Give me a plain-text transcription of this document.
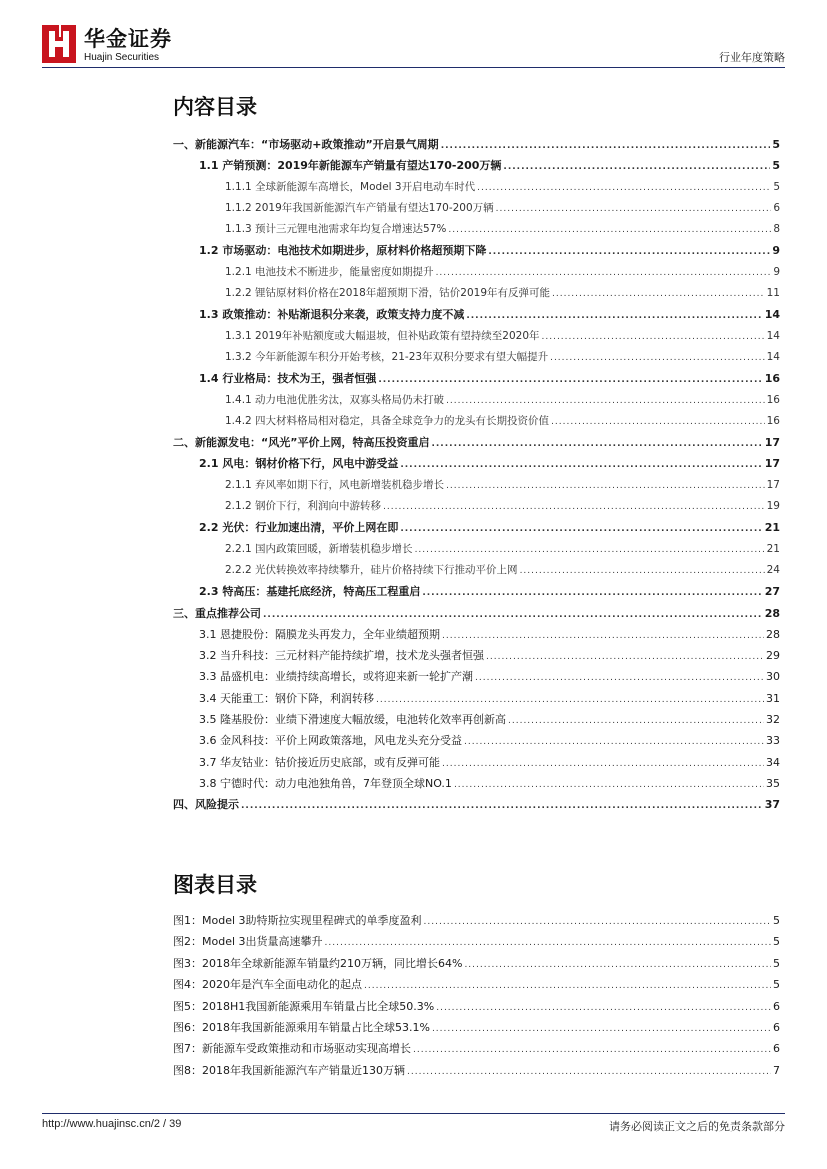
华金证券
Huajin Securities	行业年度策略
内容目录
一、新能源汽车：“市场驱动+政策推动”开启景气周期 .....	5
1.1 产销预测：2019年新能源车产销量有望达170-200万辆 .....	5
1.1.1 全球新能源车高增长，Model 3开启电动车时代 .....	5
1.1.2 2019年我国新能源汽车产销量有望达170-200万辆 .....	6
1.1.3 预计三元锂电池需求年均复合增速达57% .....	8
1.2 市场驱动：电池技术如期进步，原材料价格超预期下降 .....	9
1.2.1 电池技术不断进步，能量密度如期提升 .....	9
1.2.2 锂钴原材料价格在2018年超预期下滑，钴价2019年有反弹可能 .....	11
1.3 政策推动：补贴渐退积分来袭，政策支持力度不减 .....	14
1.3.1 2019年补贴额度或大幅退坡，但补贴政策有望持续至2020年 .....	14
1.3.2 今年新能源车积分开始考核，21-23年双积分要求有望大幅提升 .....	14
1.4 行业格局：技术为王，强者恒强 .....	16
1.4.1 动力电池优胜劣汰，双寡头格局仍未打破 .....	16
1.4.2 四大材料格局相对稳定，具备全球竞争力的龙头有长期投资价值 .....	16
二、新能源发电：“风光”平价上网，特高压投资重启 .....	17
2.1 风电：钢材价格下行，风电中游受益 .....	17
2.1.1 弃风率如期下行，风电新增装机稳步增长 .....	17
2.1.2 钢价下行，利润向中游转移 .....	19
2.2 光伏：行业加速出清，平价上网在即 .....	21
2.2.1 国内政策回暖，新增装机稳步增长 .....	21
2.2.2 光伏转换效率持续攀升，硅片价格持续下行推动平价上网 .....	24
2.3 特高压：基建托底经济，特高压工程重启 .....	27
三、重点推荐公司 .....	28
3.1 恩捷股份：隔膜龙头再发力，全年业绩超预期 .....	28
3.2 当升科技：三元材料产能持续扩增，技术龙头强者恒强 .....	29
3.3 晶盛机电：业绩持续高增长，或将迎来新一轮扩产潮 .....	30
3.4 天能重工：钢价下降，利润转移 .....	31
3.5 隆基股份：业绩下滑速度大幅放缓，电池转化效率再创新高 .....	32
3.6 金风科技：平价上网政策落地，风电龙头充分受益 .....	33
3.7 华友钴业：钴价接近历史底部，或有反弹可能 .....	34
3.8 宁德时代：动力电池独角兽，7年登顶全球NO.1 .....	35
四、风险提示 .....	37
图表目录
图1：Model 3助特斯拉实现里程碑式的单季度盈利 .....	5
图2：Model 3出货量高速攀升 .....	5
图3：2018年全球新能源车销量约210万辆，同比增长64% .....	5
图4：2020年是汽车全面电动化的起点 .....	5
图5：2018H1我国新能源乘用车销量占比全球50.3% .....	6
图6：2018年我国新能源乘用车销量占比全球53.1% .....	6
图7：新能源车受政策推动和市场驱动实现高增长 .....	6
图8：2018年我国新能源汽车产销量近130万辆 .....	7
http://www.huajinsc.cn/2 / 39	请务必阅读正文之后的免责条款部分
